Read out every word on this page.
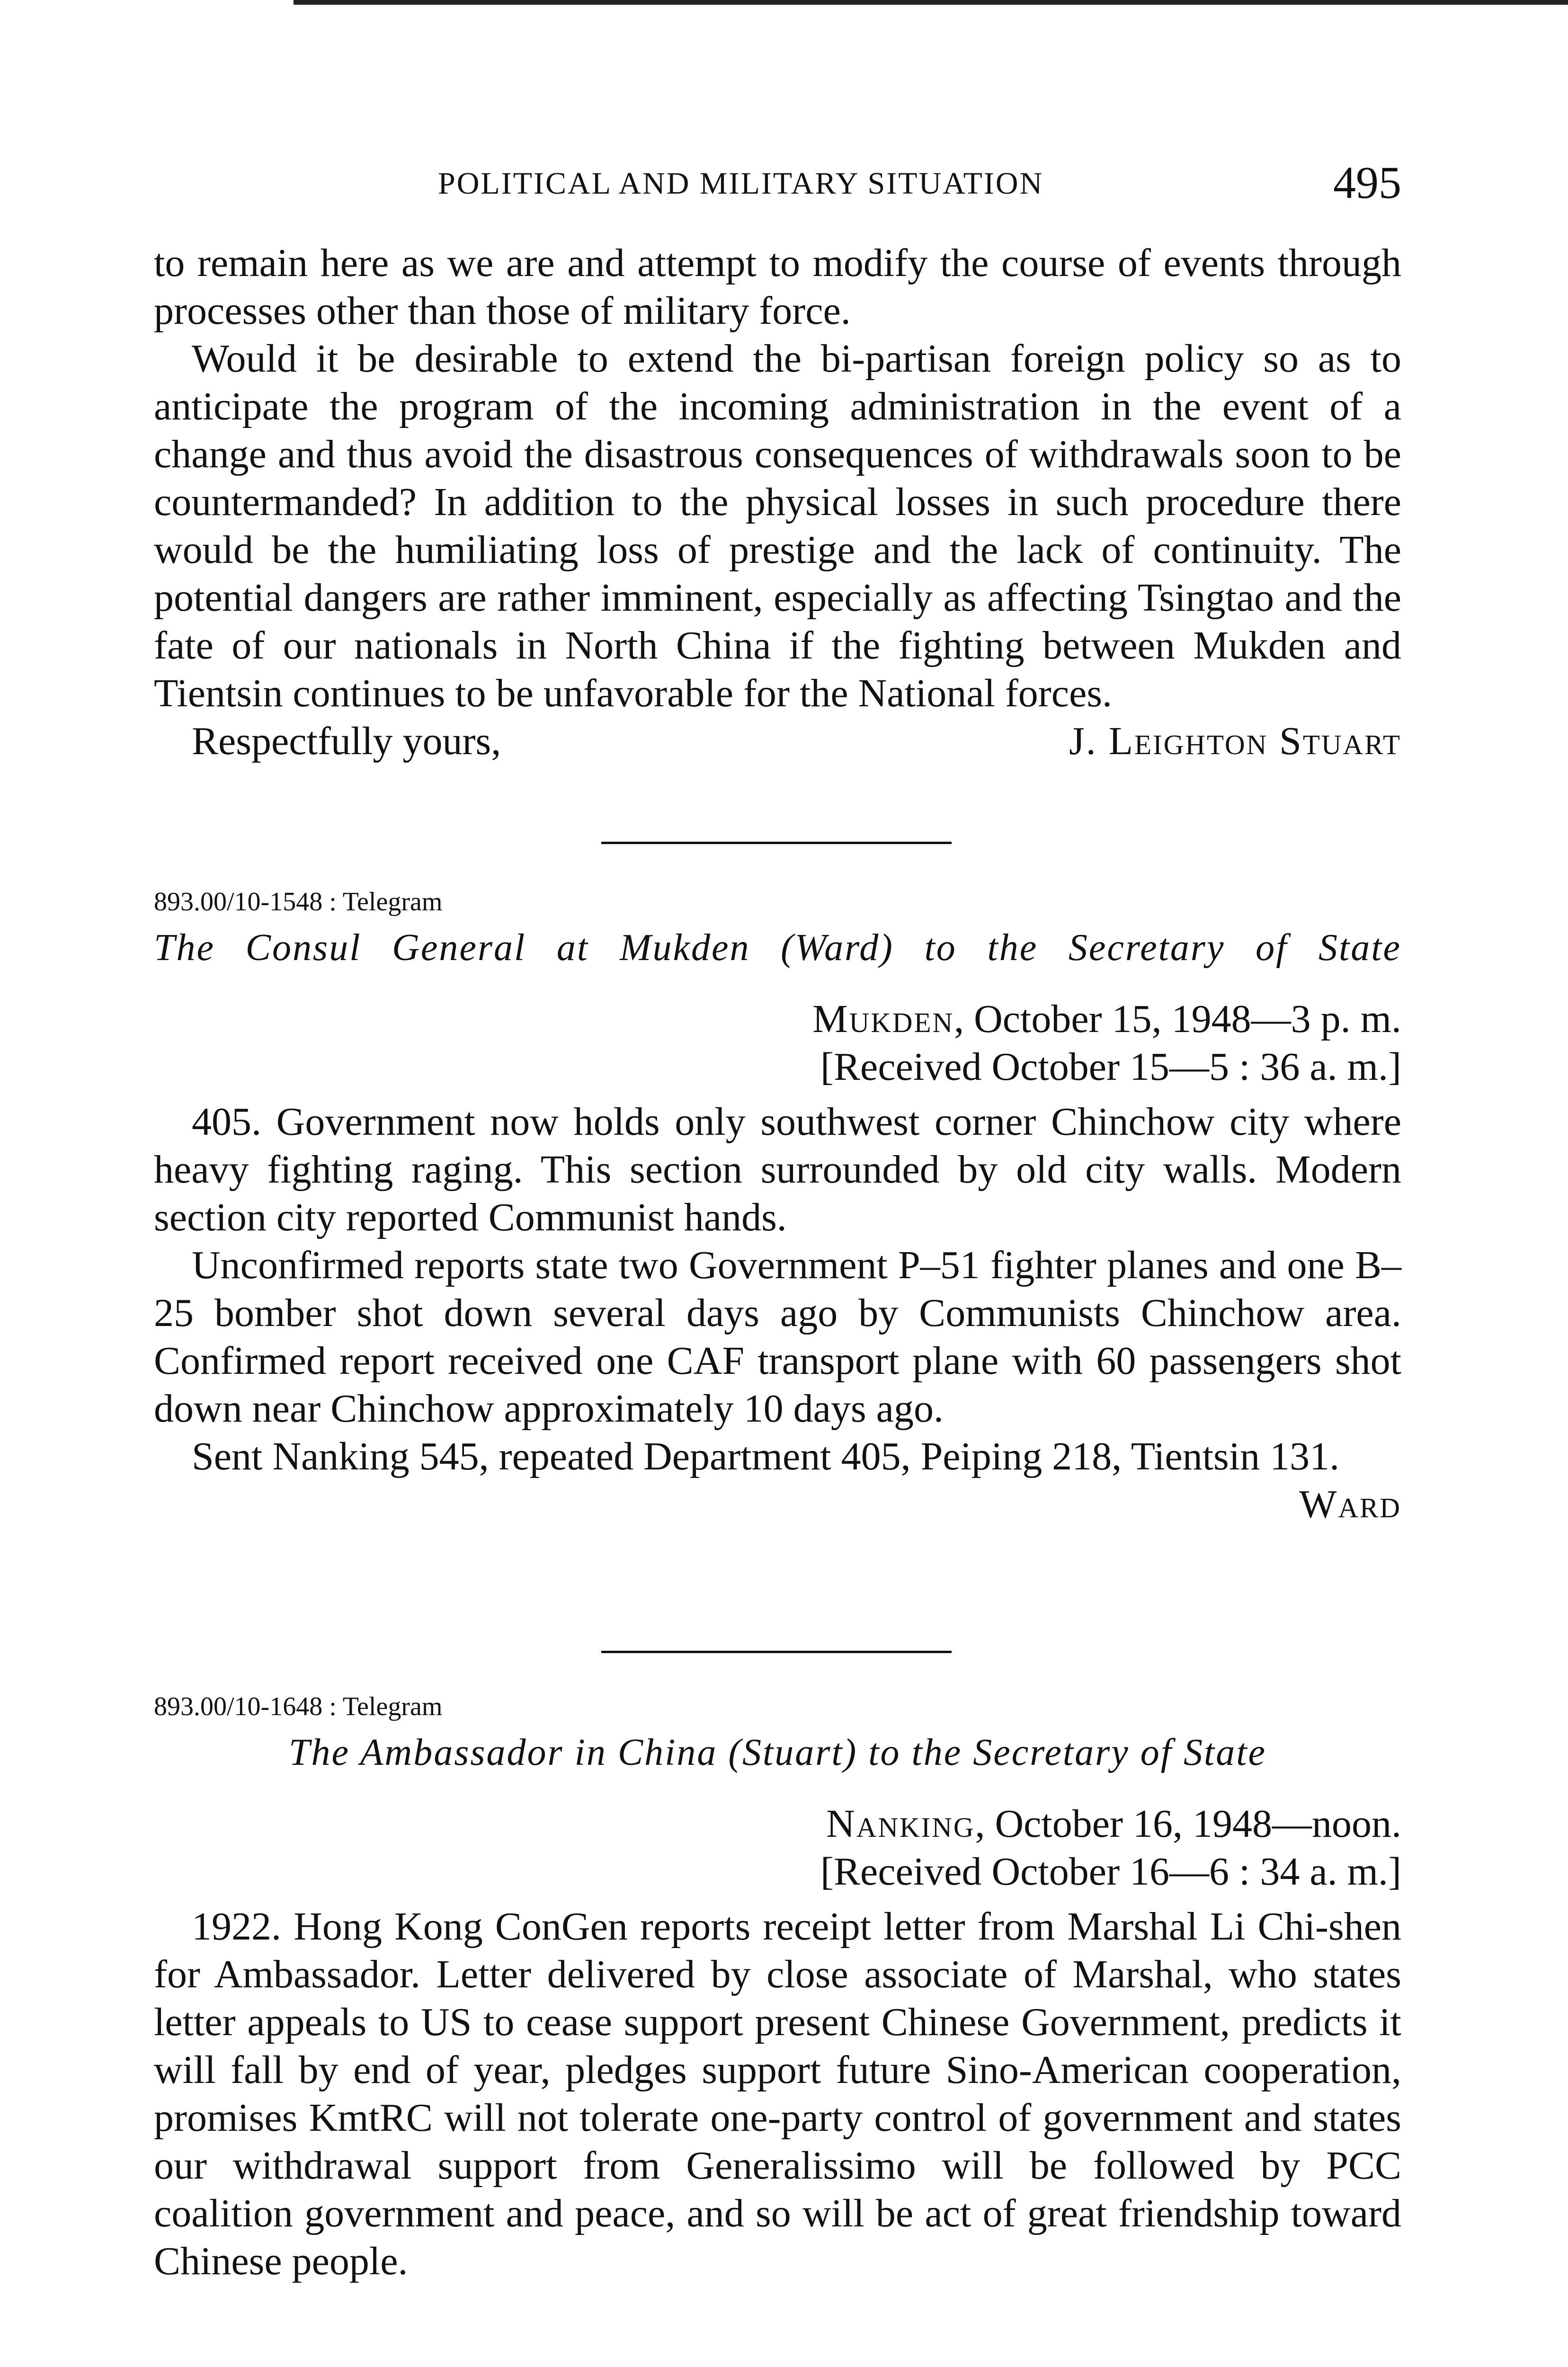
POLITICAL AND MILITARY SITUATION	495

to remain here as we are and attempt to modify the course of events through processes other than those of military force.

Would it be desirable to extend the bi-partisan foreign policy so as to anticipate the program of the incoming administration in the event of a change and thus avoid the disastrous consequences of withdrawals soon to be countermanded? In addition to the physical losses in such procedure there would be the humiliating loss of prestige and the lack of continuity. The potential dangers are rather imminent, especially as affecting Tsingtao and the fate of our nationals in North China if the fighting between Mukden and Tientsin continues to be unfavorable for the National forces.

Respectfully yours,	J. Leighton Stuart
893.00/10-1548 : Telegram
The Consul General at Mukden (Ward) to the Secretary of State
Mukden, October 15, 1948—3 p. m.
[Received October 15—5 : 36 a. m.]

405. Government now holds only southwest corner Chinchow city where heavy fighting raging. This section surrounded by old city walls. Modern section city reported Communist hands.

Unconfirmed reports state two Government P–51 fighter planes and one B–25 bomber shot down several days ago by Communists Chinchow area. Confirmed report received one CAF transport plane with 60 passengers shot down near Chinchow approximately 10 days ago.

Sent Nanking 545, repeated Department 405, Peiping 218, Tientsin 131.

Ward
893.00/10-1648 : Telegram
The Ambassador in China (Stuart) to the Secretary of State
Nanking, October 16, 1948—noon.
[Received October 16—6 : 34 a. m.]

1922. Hong Kong ConGen reports receipt letter from Marshal Li Chi-shen for Ambassador. Letter delivered by close associate of Marshal, who states letter appeals to US to cease support present Chinese Government, predicts it will fall by end of year, pledges support future Sino-American cooperation, promises KmtRC will not tolerate one-party control of government and states our withdrawal support from Generalissimo will be followed by PCC coalition government and peace, and so will be act of great friendship toward Chinese people.
